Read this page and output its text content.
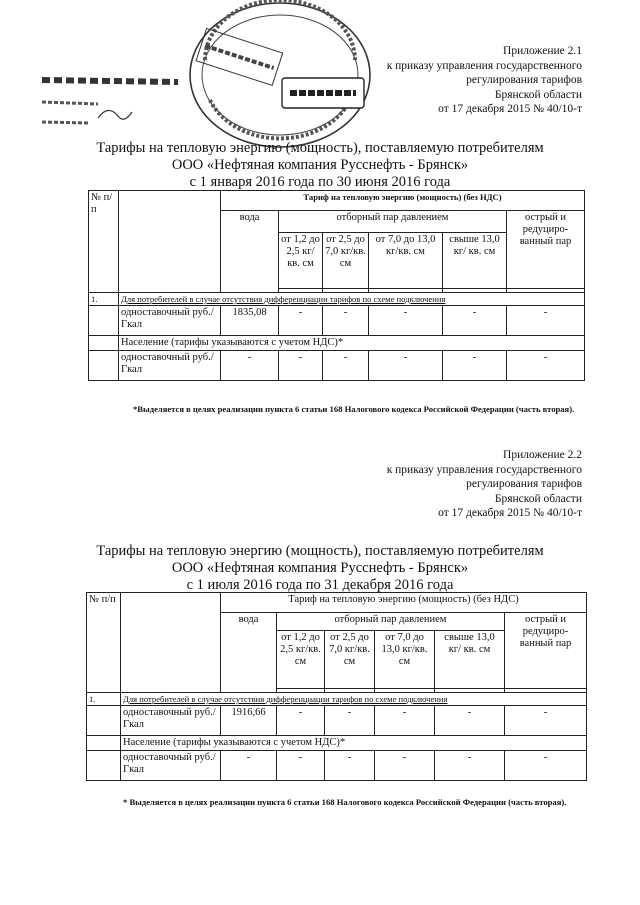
Приложение 2.1
к приказу управления государственного
регулирования тарифов
Брянской области
от 17 декабря 2015 № 40/10-т
Тарифы на тепловую энергию (мощность), поставляемую потребителям
ООО «Нефтяная компания Русснефть - Брянск»
с 1 января 2016 года по 30 июня 2016 года
№ п/п		Тариф на тепловую энергию (мощность) (без НДС)					
		вода	отборный пар давлением				острый и редуциро-ванный пар
			от 1,2 до 2,5 кг/кв. см	от 2,5 до 7,0 кг/кв. см	от 7,0 до 13,0 кг/кв. см	свыше 13,0 кг/ кв. см	

1.	Для потребителей в случае отсутствия дифференциации тарифов по схеме подключения						
	одноставочный руб./Гкал	1835,08	-	-	-	-	-
	Население (тарифы указываются с учетом НДС)*						
	одноставочный руб./Гкал	-	-	-	-	-	-
*Выделяется в целях реализации пункта 6 статьи 168 Налогового кодекса Российской Федерации (часть вторая).
Приложение 2.2
к приказу управления государственного
регулирования тарифов
Брянской области
от 17 декабря 2015 № 40/10-т
Тарифы на тепловую энергию (мощность), поставляемую потребителям
ООО «Нефтяная компания Русснефть - Брянск»
с 1 июля 2016 года по 31 декабря 2016 года
№ п/п		Тариф на тепловую энергию (мощность) (без НДС)					
		вода	отборный пар давлением				острый и редуциро-ванный пар
			от 1,2 до 2,5 кг/кв. см	от 2,5 до 7,0 кг/кв. см	от 7,0 до 13,0 кг/кв. см	свыше 13,0 кг/ кв. см	

1.	Для потребителей в случае отсутствия дифференциации тарифов по схеме подключения						
	одноставочный руб./Гкал	1916,66	-	-	-	-	-
	Население (тарифы указываются с учетом НДС)*						
	одноставочный руб./Гкал	-	-	-	-	-	-
* Выделяется в целях реализации пункта 6 статьи 168 Налогового кодекса Российской Федерации (часть вторая).
